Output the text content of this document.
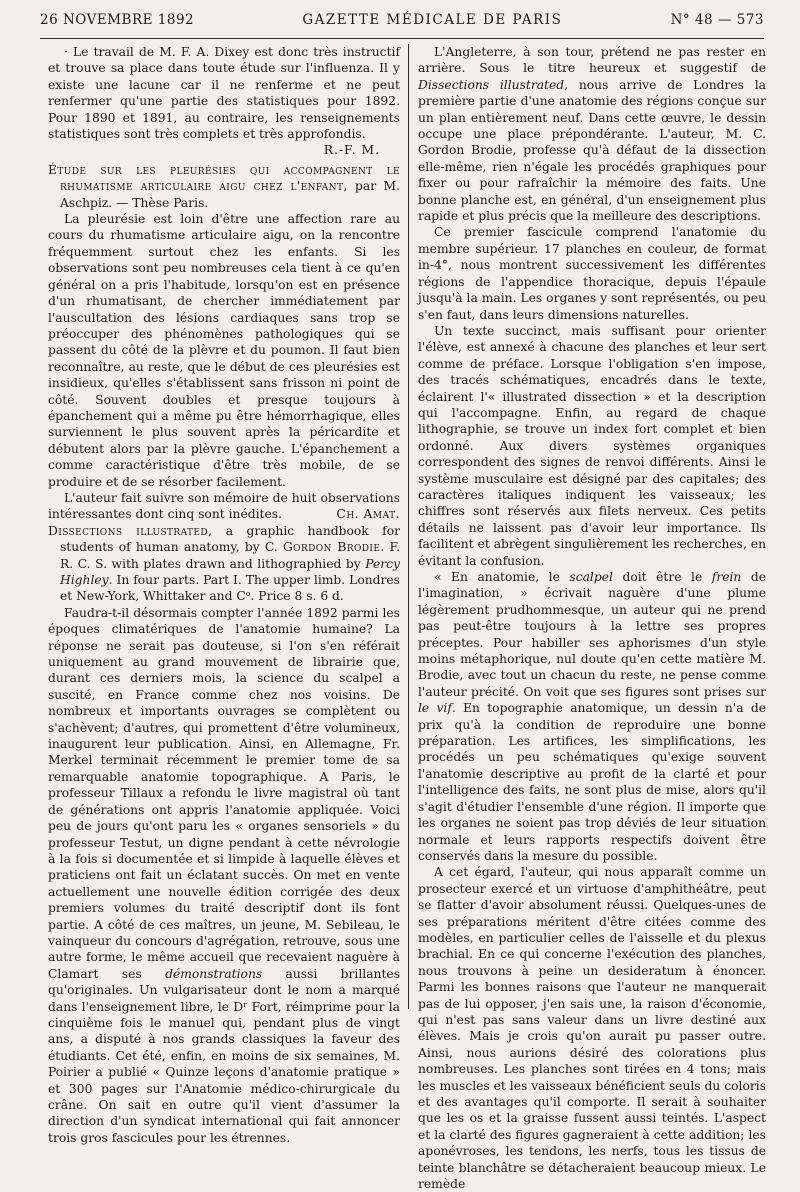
26 NOVEMBRE 1892	GAZETTE MÉDICALE DE PARIS	N° 48 — 573

· Le travail de M. F. A. Dixey est donc très instructif et trouve sa place dans toute étude sur l'influenza. Il y existe une lacune car il ne renferme et ne peut renfermer qu'une partie des statistiques pour 1892. Pour 1890 et 1891, au contraire, les renseignements statistiques sont très complets et très approfondis.

R.-F. M.

Étude sur les pleurésies qui accompagnent le rhumatisme articulaire aigu chez l'enfant, par M. Aschpiz. — Thèse Paris.

La pleurésie est loin d'être une affection rare au cours du rhumatisme articulaire aigu, on la rencontre fréquemment surtout chez les enfants. Si les observations sont peu nombreuses cela tient à ce qu'en général on a pris l'habitude, lorsqu'on est en présence d'un rhumatisant, de chercher immédiatement par l'auscultation des lésions cardiaques sans trop se préoccuper des phénomènes pathologiques qui se passent du côté de la plèvre et du poumon. Il faut bien reconnaître, au reste, que le début de ces pleurésies est insidieux, qu'elles s'établissent sans frisson ni point de côté. Souvent doubles et presque toujours à épanchement qui a même pu être hémorrhagique, elles surviennent le plus souvent après la péricardite et débutent alors par la plèvre gauche. L'épanchement a comme caractéristique d'être très mobile, de se produire et de se résorber facilement.

L'auteur fait suivre son mémoire de huit observations intéressantes dont cinq sont inédites.	Ch. Amat.

Dissections illustrated, a graphic handbook for students of human anatomy, by C. Gordon Brodie. F. R. C. S. with plates drawn and lithographied by Percy Highley. In four parts. Part I. The upper limb. Londres et New-York, Whittaker and Cᵒ. Price 8 s. 6 d.

Faudra-t-il désormais compter l'année 1892 parmi les époques climatériques de l'anatomie humaine? La réponse ne serait pas douteuse, si l'on s'en référait uniquement au grand mouvement de librairie que, durant ces derniers mois, la science du scalpel a suscité, en France comme chez nos voisins. De nombreux et importants ouvrages se complètent ou s'achèvent; d'autres, qui promettent d'être volumineux, inaugurent leur publication. Ainsi, en Allemagne, Fr. Merkel terminait récemment le premier tome de sa remarquable anatomie topographique. A Paris, le professeur Tillaux a refondu le livre magistral où tant de générations ont appris l'anatomie appliquée. Voici peu de jours qu'ont paru les « organes sensoriels » du professeur Testut, un digne pendant à cette névrologie à la fois si documentée et si limpide à laquelle élèves et praticiens ont fait un éclatant succès. On met en vente actuellement une nouvelle édition corrigée des deux premiers volumes du traité descriptif dont ils font partie. A côté de ces maîtres, un jeune, M. Sebileau, le vainqueur du concours d'agrégation, retrouve, sous une autre forme, le même accueil que recevaient naguère à Clamart ses démonstrations aussi brillantes qu'originales. Un vulgarisateur dont le nom a marqué dans l'enseignement libre, le Dʳ Fort, réimprime pour la cinquième fois le manuel qui, pendant plus de vingt ans, a disputé à nos grands classiques la faveur des étudiants. Cet été, enfin, en moins de six semaines, M. Poirier a publié « Quinze leçons d'anatomie pratique » et 300 pages sur l'Anatomie médico-chirurgicale du crâne. On sait en outre qu'il vient d'assumer la direction d'un syndicat international qui fait annoncer trois gros fascicules pour les étrennes.

L'Angleterre, à son tour, prétend ne pas rester en arrière. Sous le titre heureux et suggestif de Dissections illustrated, nous arrive de Londres la première partie d'une anatomie des régions conçue sur un plan entièrement neuf. Dans cette œuvre, le dessin occupe une place prépondérante. L'auteur, M. C. Gordon Brodie, professe qu'à défaut de la dissection elle-même, rien n'égale les procédés graphiques pour fixer ou pour rafraîchir la mémoire des faits. Une bonne planche est, en général, d'un enseignement plus rapide et plus précis que la meilleure des descriptions.

Ce premier fascicule comprend l'anatomie du membre supérieur. 17 planches en couleur, de format in-4°, nous montrent successivement les différentes régions de l'appendice thoracique, depuis l'épaule jusqu'à la main. Les organes y sont représentés, ou peu s'en faut, dans leurs dimensions naturelles.

Un texte succinct, mais suffisant pour orienter l'élève, est annexé à chacune des planches et leur sert comme de préface. Lorsque l'obligation s'en impose, des tracés schématiques, encadrés dans le texte, éclairent l'« illustrated dissection » et la description qui l'accompagne. Enfin, au regard de chaque lithographie, se trouve un index fort complet et bien ordonné. Aux divers systèmes organiques correspondent des signes de renvoi différents. Ainsi le système musculaire est désigné par des capitales; des caractères italiques indiquent les vaisseaux; les chiffres sont réservés aux filets nerveux. Ces petits détails ne laissent pas d'avoir leur importance. Ils facilitent et abrègent singulièrement les recherches, en évitant la confusion.

« En anatomie, le scalpel doit être le frein de l'imagination, » écrivait naguère d'une plume légèrement prudhommesque, un auteur qui ne prend pas peut-être toujours à la lettre ses propres préceptes. Pour habiller ses aphorismes d'un style moins métaphorique, nul doute qu'en cette matière M. Brodie, avec tout un chacun du reste, ne pense comme l'auteur précité. On voit que ses figures sont prises sur le vif. En topographie anatomique, un dessin n'a de prix qu'à la condition de reproduire une bonne préparation. Les artifices, les simplifications, les procédés un peu schématiques qu'exige souvent l'anatomie descriptive au profit de la clarté et pour l'intelligence des faits, ne sont plus de mise, alors qu'il s'agit d'étudier l'ensemble d'une région. Il importe que les organes ne soient pas trop déviés de leur situation normale et leurs rapports respectifs doivent être conservés dans la mesure du possible.

A cet égard, l'auteur, qui nous apparaît comme un prosecteur exercé et un virtuose d'amphithéâtre, peut se flatter d'avoir absolument réussi. Quelques-unes de ses préparations méritent d'être citées comme des modèles, en particulier celles de l'aisselle et du plexus brachial. En ce qui concerne l'exécution des planches, nous trouvons à peine un desideratum à énoncer. Parmi les bonnes raisons que l'auteur ne manquerait pas de lui opposer, j'en sais une, la raison d'économie, qui n'est pas sans valeur dans un livre destiné aux élèves. Mais je crois qu'on aurait pu passer outre. Ainsi, nous aurions désiré des colorations plus nombreuses. Les planches sont tirées en 4 tons; mais les muscles et les vaisseaux bénéficient seuls du coloris et des avantages qu'il comporte. Il serait à souhaiter que les os et la graisse fussent aussi teintés. L'aspect et la clarté des figures gagneraient à cette addition; les aponévroses, les tendons, les nerfs, tous les tissus de teinte blanchâtre se détacheraient beaucoup mieux. Le remède
